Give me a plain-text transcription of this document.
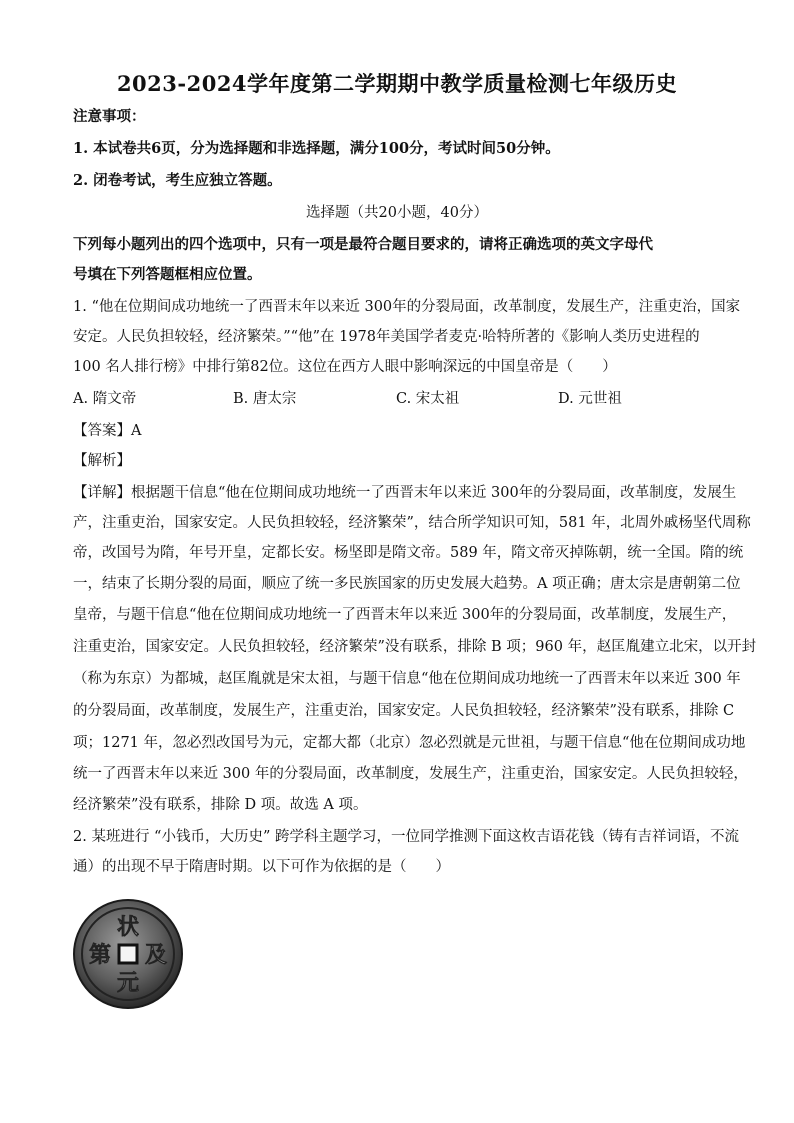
2023-2024学年度第二学期期中教学质量检测七年级历史
注意事项：
1. 本试卷共6页，分为选择题和非选择题，满分100分，考试时间50分钟。
2. 闭卷考试，考生应独立答题。
选择题（共20小题，40分）
下列每小题列出的四个选项中，只有一项是最符合题目要求的，请将正确选项的英文字母代
号填在下列答题框相应位置。
1. “他在位期间成功地统一了西晋末年以来近 300年的分裂局面，改革制度，发展生产，注重吏治，国家
安定。人民负担较轻，经济繁荣。”“他”在 1978年美国学者麦克·哈特所著的《影响人类历史进程的
100 名人排行榜》中排行第82位。这位在西方人眼中影响深远的中国皇帝是（　　）
A. 隋文帝	B. 唐太宗	C. 宋太祖	D. 元世祖
【答案】A
【解析】
【详解】根据题干信息“他在位期间成功地统一了西晋末年以来近 300年的分裂局面，改革制度，发展生
产，注重吏治，国家安定。人民负担较轻，经济繁荣”，结合所学知识可知，581 年，北周外戚杨坚代周称
帝，改国号为隋，年号开皇，定都长安。杨坚即是隋文帝。589 年，隋文帝灭掉陈朝，统一全国。隋的统
一，结束了长期分裂的局面，顺应了统一多民族国家的历史发展大趋势。A 项正确；唐太宗是唐朝第二位
皇帝，与题干信息“他在位期间成功地统一了西晋末年以来近 300年的分裂局面，改革制度，发展生产，
注重吏治，国家安定。人民负担较轻，经济繁荣”没有联系，排除 B 项；960 年，赵匡胤建立北宋，以开封
（称为东京）为都城，赵匡胤就是宋太祖，与题干信息“他在位期间成功地统一了西晋末年以来近 300 年
的分裂局面，改革制度，发展生产，注重吏治，国家安定。人民负担较轻，经济繁荣”没有联系，排除 C
项；1271 年，忽必烈改国号为元，定都大都（北京）忽必烈就是元世祖，与题干信息“他在位期间成功地
统一了西晋末年以来近 300 年的分裂局面，改革制度，发展生产，注重吏治，国家安定。人民负担较轻，
经济繁荣”没有联系，排除 D 项。故选 A 项。
2. 某班进行 “小钱币，大历史” 跨学科主题学习，一位同学推测下面这枚吉语花钱（铸有吉祥词语，不流
通）的出现不早于隋唐时期。以下可作为依据的是（　　）
状
元
及
第
